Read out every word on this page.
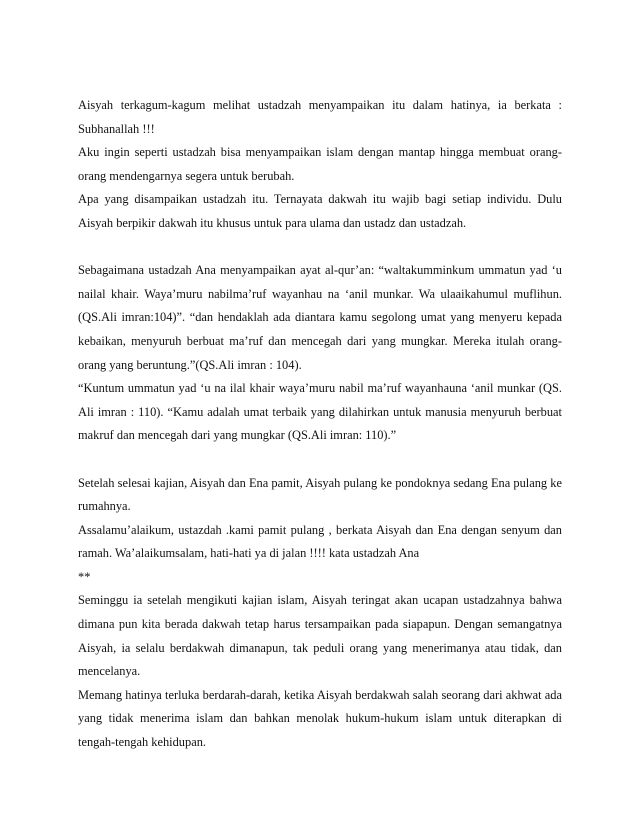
Aisyah terkagum-kagum melihat ustadzah menyampaikan itu dalam hatinya, ia berkata : Subhanallah !!!

Aku ingin seperti ustadzah bisa menyampaikan islam dengan mantap hingga membuat orang-orang mendengarnya segera untuk berubah.

Apa yang disampaikan ustadzah itu. Ternayata dakwah itu wajib bagi setiap individu. Dulu Aisyah berpikir dakwah itu khusus untuk para ulama dan ustadz dan ustadzah.

Sebagaimana ustadzah Ana menyampaikan ayat al-qur’an: “waltakumminkum ummatun yad ‘u nailal khair. Waya’muru nabilma’ruf wayanhau na ‘anil munkar. Wa ulaaikahumul muflihun. (QS.Ali imran:104)”. “dan hendaklah ada diantara kamu segolong umat yang menyeru kepada kebaikan, menyuruh berbuat ma’ruf dan mencegah dari yang mungkar. Mereka itulah orang-orang yang beruntung.”(QS.Ali imran : 104).

“Kuntum ummatun yad ‘u na ilal khair waya’muru nabil ma’ruf wayanhauna ‘anil munkar (QS. Ali imran : 110). “Kamu adalah umat terbaik yang dilahirkan untuk manusia menyuruh berbuat makruf dan mencegah dari yang mungkar (QS.Ali imran: 110).”

Setelah selesai kajian, Aisyah dan Ena pamit, Aisyah pulang ke pondoknya sedang Ena pulang ke rumahnya.

Assalamu’alaikum, ustazdah .kami pamit pulang , berkata Aisyah dan Ena dengan senyum dan ramah. Wa’alaikumsalam, hati-hati ya di jalan !!!! kata ustadzah Ana

**

Seminggu ia setelah mengikuti kajian islam, Aisyah teringat akan ucapan ustadzahnya bahwa dimana pun kita berada dakwah tetap harus tersampaikan pada siapapun. Dengan semangatnya Aisyah, ia selalu berdakwah dimanapun, tak peduli orang yang menerimanya atau tidak, dan mencelanya.

Memang hatinya terluka berdarah-darah, ketika Aisyah berdakwah salah seorang dari akhwat ada yang tidak menerima islam dan bahkan menolak hukum-hukum islam untuk diterapkan di tengah-tengah kehidupan.
